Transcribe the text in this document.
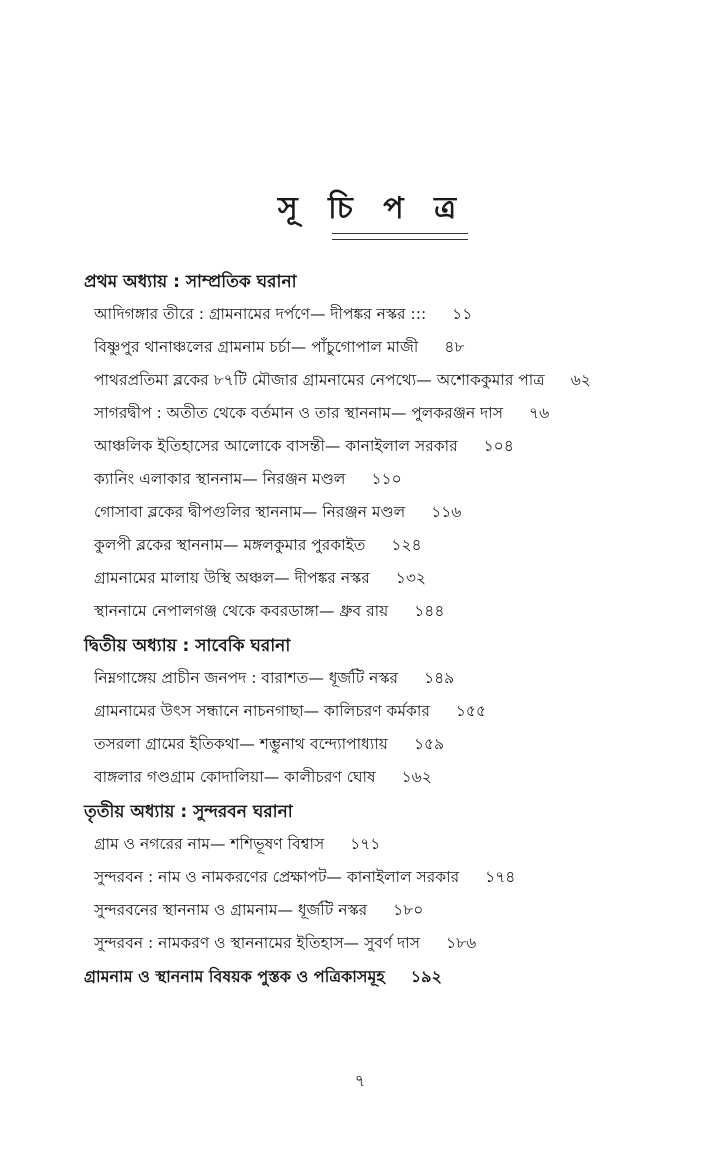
সূ চি প ত্র
প্রথম অধ্যায় : সাম্প্রতিক ঘরানা
আদিগঙ্গার তীরে : গ্রামনামের দর্পণে— দীপঙ্কর নস্কর ::: ১১
বিষ্ণুপুর থানাঞ্চলের গ্রামনাম চর্চা— পাঁচুগোপাল মাজী ৪৮
পাথরপ্রতিমা ব্লকের ৮৭টি মৌজার গ্রামনামের নেপথ্যে— অশোককুমার পাত্র ৬২
সাগরদ্বীপ : অতীত থেকে বর্তমান ও তার স্থাননাম— পুলকরঞ্জন দাস ৭৬
আঞ্চলিক ইতিহাসের আলোকে বাসন্তী— কানাইলাল সরকার ১০৪
ক্যানিং এলাকার স্থাননাম— নিরঞ্জন মণ্ডল ১১০
গোসাবা ব্লকের দ্বীপগুলির স্থাননাম— নিরঞ্জন মণ্ডল ১১৬
কুলপী ব্লকের স্থাননাম— মঙ্গলকুমার পুরকাইত ১২৪
গ্রামনামের মালায় উস্থি অঞ্চল— দীপঙ্কর নস্কর ১৩২
স্থাননামে নেপালগঞ্জ থেকে কবরডাঙ্গা— ধ্রুব রায় ১৪৪
দ্বিতীয় অধ্যায় : সাবেকি ঘরানা
নিম্নগাঙ্গেয় প্রাচীন জনপদ : বারাশত— ধূর্জটি নস্কর ১৪৯
গ্রামনামের উৎস সন্ধানে নাচনগাছা— কালিচরণ কর্মকার ১৫৫
তসরলা গ্রামের ইতিকথা— শম্ভুনাথ বন্দ্যোপাধ্যায় ১৫৯
বাঙ্গলার গণ্ডগ্রাম কোদালিয়া— কালীচরণ ঘোষ ১৬২
তৃতীয় অধ্যায় : সুন্দরবন ঘরানা
গ্রাম ও নগরের নাম— শশিভূষণ বিশ্বাস ১৭১
সুন্দরবন : নাম ও নামকরণের প্রেক্ষাপট— কানাইলাল সরকার ১৭৪
সুন্দরবনের স্থাননাম ও গ্রামনাম— ধূর্জটি নস্কর ১৮০
সুন্দরবন : নামকরণ ও স্থাননামের ইতিহাস— সুবর্ণ দাস ১৮৬
গ্রামনাম ও স্থাননাম বিষয়ক পুস্তক ও পত্রিকাসমূহ ১৯২
৭
